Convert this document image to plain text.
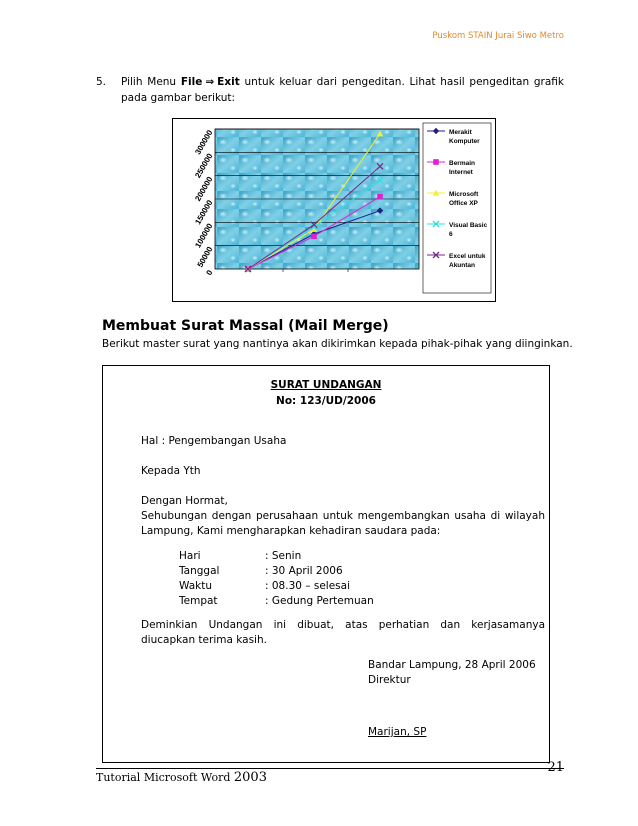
Puskom STAIN Jurai Siwo Metro
5. Pilih Menu File ⇒ Exit untuk keluar dari pengeditan. Lihat hasil pengeditan grafik pada gambar berikut:
0
50000
100000
150000
200000
250000
300000	Merakit
Komputer
Bermain
Internet
Microsoft
Office XP
Visual Basic
6
Excel untuk
Akuntan
Membuat Surat Massal (Mail Merge)
Berikut master surat yang nantinya akan dikirimkan kepada pihak-pihak yang diinginkan.
SURAT UNDANGAN
No: 123/UD/2006
Hal : Pengembangan Usaha
Kepada Yth
Dengan Hormat,
Sehubungan dengan perusahaan untuk mengembangkan usaha di wilayah Lampung, Kami mengharapkan kehadiran saudara pada:
Hari	: Senin
Tanggal	: 30 April 2006
Waktu	: 08.30 – selesai
Tempat	: Gedung Pertemuan
Deminkian Undangan ini dibuat, atas perhatian dan kerjasamanya diucapkan terima kasih.
Bandar Lampung, 28 April 2006
Direktur
Marijan, SP
Tutorial Microsoft Word 2003
21
